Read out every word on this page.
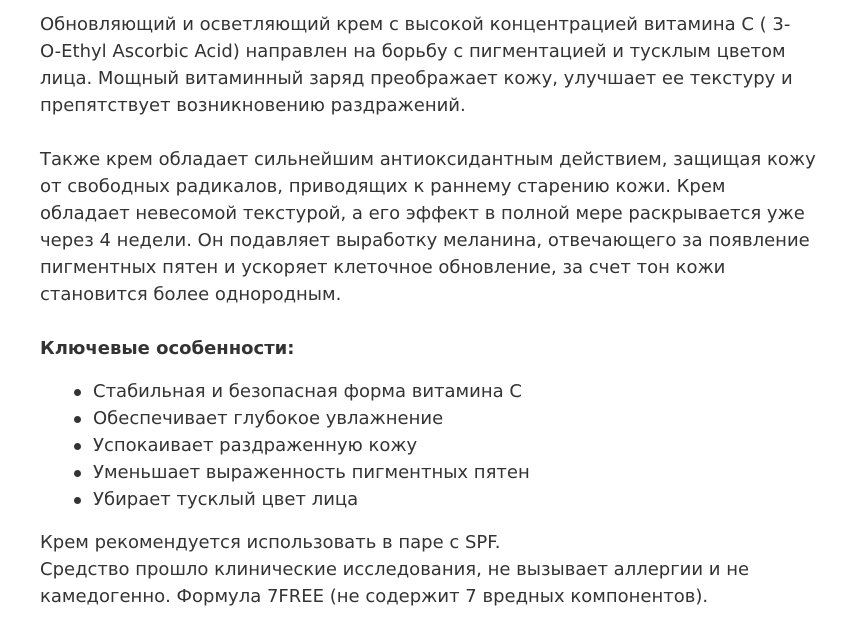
Обновляющий и осветляющий крем с высокой концентрацией витамина С ( 3-
O-Ethyl Ascorbic Acid) направлен на борьбу с пигментацией и тусклым цветом
лица. Мощный витаминный заряд преображает кожу, улучшает ее текстуру и
препятствует возникновению раздражений.

Также крем обладает сильнейшим антиоксидантным действием, защищая кожу
от свободных радикалов, приводящих к раннему старению кожи. Крем
обладает невесомой текстурой, а его эффект в полной мере раскрывается уже
через 4 недели. Он подавляет выработку меланина, отвечающего за появление
пигментных пятен и ускоряет клеточное обновление, за счет тон кожи
становится более однородным.

Ключевые особенности:

Стабильная и безопасная форма витамина С
Обеспечивает глубокое увлажнение
Успокаивает раздраженную кожу
Уменьшает выраженность пигментных пятен
Убирает тусклый цвет лица
Крем рекомендуется использовать в паре с SPF.
Средство прошло клинические исследования, не вызывает аллергии и не
камедогенно. Формула 7FREE (не содержит 7 вредных компонентов).
